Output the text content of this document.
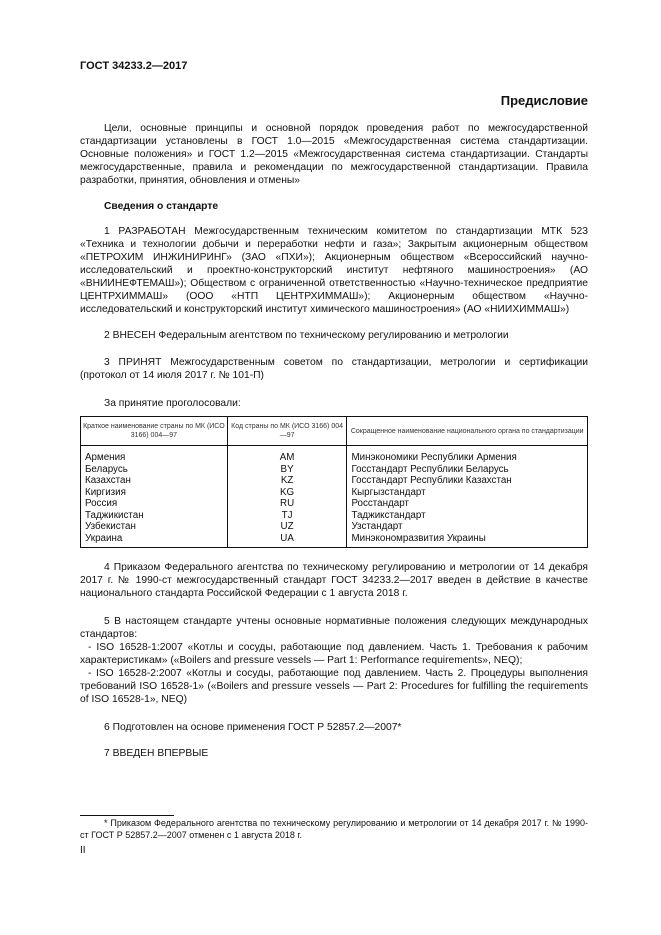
ГОСТ 34233.2—2017
Предисловие

Цели, основные принципы и основной порядок проведения работ по межгосударственной стандартизации установлены в ГОСТ 1.0—2015 «Межгосударственная система стандартизации. Основные положения» и ГОСТ 1.2—2015 «Межгосударственная система стандартизации. Стандарты межгосударственные, правила и рекомендации по межгосударственной стандартизации. Правила разработки, принятия, обновления и отмены»

Сведения о стандарте

1 РАЗРАБОТАН Межгосударственным техническим комитетом по стандартизации МТК 523 «Техника и технологии добычи и переработки нефти и газа»; Закрытым акционерным обществом «ПЕТРОХИМ ИНЖИНИРИНГ» (ЗАО «ПХИ»); Акционерным обществом «Всероссийский научно-исследовательский и проектно-конструкторский институт нефтяного машиностроения» (АО «ВНИИНЕФТЕМАШ»); Обществом с ограниченной ответственностью «Научно-техническое предприятие ЦЕНТРХИММАШ» (ООО «НТП ЦЕНТРХИММАШ»); Акционерным обществом «Научно-исследовательский и конструкторский институт химического машиностроения» (АО «НИИХИММАШ»)

2 ВНЕСЕН Федеральным агентством по техническому регулированию и метрологии

3 ПРИНЯТ Межгосударственным советом по стандартизации, метрологии и сертификации (протокол от 14 июля 2017 г. № 101-П)

За принятие проголосовали:

Краткое наименование страны по МК (ИСО 3166) 004—97	Код страны по МК (ИСО 3166) 004—97	Сокращенное наименование национального органа по стандартизации
Армения	AM	Минэкономики Республики Армения
Беларусь	BY	Госстандарт Республики Беларусь
Казахстан	KZ	Госстандарт Республики Казахстан
Киргизия	KG	Кыргызстандарт
Россия	RU	Росстандарт
Таджикистан	TJ	Таджикстандарт
Узбекистан	UZ	Узстандарт
Украина	UA	Минэкономразвития Украины

4 Приказом Федерального агентства по техническому регулированию и метрологии от 14 декабря 2017 г. № 1990-ст межгосударственный стандарт ГОСТ 34233.2—2017 введен в действие в качестве национального стандарта Российской Федерации с 1 августа 2018 г.

5 В настоящем стандарте учтены основные нормативные положения следующих международных стандартов:

- ISO 16528-1:2007 «Котлы и сосуды, работающие под давлением. Часть 1. Требования к рабочим характеристикам» («Boilers and pressure vessels — Part 1: Performance requirements», NEQ);

- ISO 16528-2:2007 «Котлы и сосуды, работающие под давлением. Часть 2. Процедуры выполнения требований ISO 16528-1» («Boilers and pressure vessels — Part 2: Procedures for fulfilling the requirements of ISO 16528-1», NEQ)

6 Подготовлен на основе применения ГОСТ Р 52857.2—2007*

7 ВВЕДЕН ВПЕРВЫЕ

* Приказом Федерального агентства по техническому регулированию и метрологии от 14 декабря 2017 г. № 1990-ст ГОСТ Р 52857.2—2007 отменен с 1 августа 2018 г.

II
